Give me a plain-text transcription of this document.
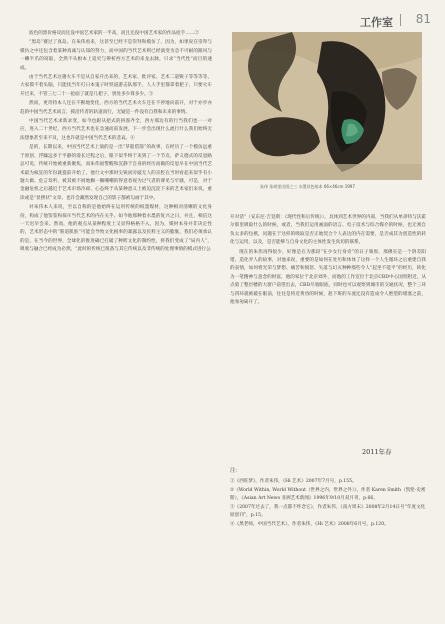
工作室 81

底色的黑价格反而还没中国艺术家的一半高，而且还没中国艺术家的作品抢手……②

“黑岛”赛过了真岛。在朱伟看来，这甚至已经不是崇拜和模仿了，因为，如果说在崇拜与模仿之中还包含着某种真诚与认知的努力，而中国的当代艺术则已经演变为急不可耐的跟风与一鳞半爪的窃取，全然不从根本上追究与辨析西方艺术的来龙去脉，只求“当代性”而目的速成。

由于当代艺术这趟火车不是从自家开出来的，艺术家、批评家、艺术二道贩子等等等等，大家摸不着头脑，只能抚当年打日本鬼子时铁道游击队那手，人人手里都拿着耙子，只要火车开过来，不管三七二十一抢面了就是几耙子，别处多少算多少。③

然而，更奇特本人还在不断地变化，西方的当代艺术火车还在不停地向前开，对于亦步亦趋的中国当代艺术而言，援沿传者的轨道而行，无疑是一件没有自我和未来的事情。

中国当代艺术求新求变，如今也跟从把式的拼凑齐全，西方那边有的行当我们也一一对应，进入二十世纪，西方当代艺术也在急速而前发展，下一步会出现什么流行什么我们始终无法想象甚至来不及，这也许就是中国当代艺术的悲哀。④

是的，长期以来，中国当代艺术上演的是一出“草船借箭”的故事，在经历了一个模仿远重于原创、浮躁远多于平静的漫长过程之后，眼下似乎终于来到了一个节点，萨义德式的反思路总可见，传统开始被重新聚焦，而朱伟固警醒和沉静于自身的经历而做的反思早在中国当代艺术最为疯狂的年份就提前开始了，他行文中那时尖锐而旁敲无人的京腔在当时看起来似乎有小题大做、危言耸听，被其被不屑地搁一搁嘲嘲的得意者视为过气者的谬见与牢骚，可是，对于金融危机之后越近于艺术市场冷却、心态终于从某种意义上被迫沉淀下来的艺术家们来说，重读或是“显摆状”文章，也许会藏然发现自己的影子都被勾画于其中。

对朱伟本人来说，至以自称的是他始终在运用传统的纸墨媒材，这种相对清晰的文化身份，构成了他鉴鉴和探斥当代艺术的内在关乎。如今他那种着水墨的复兴之日，并且，相信这一天迟早会来。然而，他的观点从某种程度上又显得格格不入，因为，媒材本身并非决定性的，艺术形态中的“筋道肌肤”可能会导致文化税率的暴露以及民粹主义的膨胀，我们必须承认的是，在当今的世界，全球化的推进确已打破了种跨文化的制约性，将我们变成了“局内人”，吸收与融合已经成为必然，“此时的传统已很备与其它传统以及非传统的处理事情的模式进行公

朱伟 张胡里出图之三 水墨设色纸本 66×46cm 1997

开对话”（安东尼·吉登斯：《现代性和后传统》），具体到艺术世界的内部，当我们从单弟特与沃霍尔那里吸取什么的时候，或者，当我们运用画面的语言、电子技术与综合媒介的时候，也无须自负太多的包袱，问题在于这样的吸取是否正地契合个人表达的内在需要，是否成其为创造性的转化与运用，以及，是否能够与自身文化的主体性发生真切的联系。

现在的朱伟再得很少，好像是在为那段“在少女行身旁”的日子频原，那佛实是一个阴差阳错，造化弄人的故事，对他来说，重要的是如何在处历和体体了这样一个人生循环之后重建自我的表情，如何将光荣与梦想、痛苦和愤怒、失落与幻灭种种那些令人“起坐不能平”的经历，转化为一笔精神与意念的财富，他的家位于北京郊外，而他的工作室位于北京CBD中心国贸附近，从点骑了整层楼的大窗户前望出去，CBD尽收眼底，同时也可以观察到城市的交通状况，整个三环与四环就被破在眼前，往往是将近黄昏的时候，趁下班的车流还没有造成令人绝望的堵塞之前，他匆匆离开了。

2011年春
注：
①《西旺梦》，作者朱伟，《Hi 艺术》2007年7月号，p.155。
②《World Within, World Without（世界之内，世界之外）》，作者 Karen Smith（凯伦·史密斯），《Asian Art News 亚洲艺术新闻》1996年9/10月双月刊，p.66。
③《2007年过去了，我一点都不怀念它》，作者朱伟，《南方周末》2008年2月14日号“年度文化原创刊”，p.15。
④《黑老师，中国当代艺术》，作者朱伟，《Hi 艺术》2008年6月号，p.120。
